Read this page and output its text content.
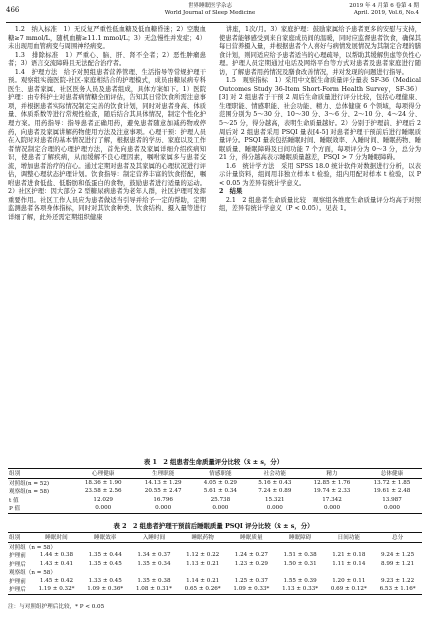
466	世界睡眠医学杂志
World Journal of Sleep Medicine
2019 年 4 月第 6 卷第 4 期
April. 2019, Vol.6, No.4

1.2　纳入标准　1）无反复严重性低血糖及低血糖昏迷；2）空腹血糖≥7 mmol/L，随机血糖≥11.1 mmol/L；3）无急慢性并发症；4）未出现用血管病变与周围神经病变。

1.3　排除标准　1）严重心、脑、肝、肾不全者；2）恶性肿瘤患者；3）语言交流障碍且无法配合治疗者。

1.4　护理方法　给予对照组患者营养管理、生活指导等常规护理干预。观察组实施医院-社区-家庭相结合的护理模式，成员由糖尿病专科医生、患者家属、社区医务人员及患者组成，具体方案如下。1）医院护理：由专科护士对患者病情糖全面评估，告知其日常饮食所需注意事项，并根据患者实际情况制定完善的饮食计划，同时对患者身高、体质量、体质系数等进行常规性检查，随后结合其具体情况，制定个性化护理方案。用药指导：指导患者正确用药，避免患者随意加减药物或停药，向患者及家属讲解药物使用方法及注意事项。心理干预：护理人员在入院时对患者的基本情况进行了解，根据患者的学历、家庭以及工作者情况制定合理的心理护理方法，首先向患者及家属详细介绍疾病知识，使患者了解疾病，从而缓解不良心理因素，嘱咐家属多与患者交流，增加患者治疗的信心。通过定期对患者及其家属的心理状况进行评估，调整心理状态护理计划。饮食指导：制定营养丰富的饮食搭配，嘱咐患者进食低盐、低脂肪和低蛋白的食物，鼓励患者进行适量的运动。2）社区护理：因大部分 2 型糖尿病患者为老年人群，社区护理可发挥重要作用。社区工作人员应为患者做适当引导并给予一定的帮助，定期监测患者各项身体指标，同时对其饮食种类、饮食结构、摄入量等进行详细了解，此外还需定期组织健康

讲座，1次/月。3）家庭护理：鼓励家属给予患者更多的安慰与支持，使患者能够感受到来自家庭成员间的温暖，同时应监督患者饮食，确保其每日营养摄入量，并根据患者个人喜好与病情发展情况为其制定合理的膳食计划，则同适应给予患者适当的心理疏导，以帮助其缓解焦虑等负性心理。护理人员定期通过电话及网络平台等方式对患者及患者家庭进行随访，了解患者用药情况及膳食改善情况，并对发现的问题进行指导。

1.5　观察指标　1）采用中文版生命质量评分量表 SF-36（Medical Outcomes Study 36-Item Short-Form Health Survey，SF-36）[3] 对 2 组患者于干预 2 周后生命质量进行评分比较，包括心理健康、生理职能、情感职能、社会功能、精力、总体健康 6 个领域，每项得分范围分别为 5～30 分、10～30 分、3～6 分、2～10 分、4～24 分、5～25 分，得分越高，表明生命质量越好。2）分别于护理前、护理后 2 周后对 2 组患者采用 PSQI 量表[4-5] 对患者护理干预前后进行睡眠质量评分。PSQI 量表包括睡眠时间、睡眠效率、入睡时间、睡眠药物、睡眠质量、睡眠障碍及日间功能 7 个方面，每项评分为 0～3 分，总分为 21 分，得分越高表示睡眠质量越差，PSQI > 7 分为睡眠障碍。

1.6　统计学方法　采用 SPSS 18.0 统计软件对数据进行分析，以表示计量资料，组间用非独立样本 t 检验，组内用配对样本 t 检验，以 P < 0.05 为差异有统计学意义。

2　结果

2.1　2 组患者生命质量比较　观察组各维度生命质量评分均高于对照组，差异有统计学意义（P < 0.05）。见表 1。

表 1　2 组患者生命质量评分比较（x̄ ± s，分）
组别	心理健康	生理职能	情感职能	社会功能	精力	总体健康
对照组(n = 52)	18.36 ± 1.90	14.13 ± 1.29	4.05 ± 0.29	5.16 ± 0.43	12.85 ± 1.76	13.72 ± 1.85
观察组(n = 58)	23.58 ± 2.56	20.55 ± 2.47	5.61 ± 0.34	7.24 ± 0.89	19.74 ± 2.33	19.61 ± 2.48
t 值	12.029	16.796	25.738	15.321	17.342	13.987
P 值	0.000	0.000	0.000	0.000	0.000	0.000
表 2　2 组患者护理干预前后睡眠质量 PSQI 评分比较（x̄ ± s，分）
组别	睡眠时间	睡眠效率	入睡时间	睡眠药物	睡眠质量	睡眠障碍	日间功能	总分
对照组（n = 58）								
护理前	1.44 ± 0.38	1.35 ± 0.44	1.34 ± 0.37	1.12 ± 0.22	1.24 ± 0.27	1.51 ± 0.38	1.21 ± 0.18	9.24 ± 1.25
护理后	1.43 ± 0.41	1.35 ± 0.45	1.35 ± 0.34	1.13 ± 0.21	1.23 ± 0.29	1.50 ± 0.31	1.11 ± 0.14	8.99 ± 1.21
观察组（n = 58）								
护理前	1.45 ± 0.42	1.33 ± 0.45	1.35 ± 0.38	1.14 ± 0.21	1.25 ± 0.37	1.55 ± 0.39	1.20 ± 0.11	9.23 ± 1.22
护理后	1.19 ± 0.32*	1.09 ± 0.36*	1.08 ± 0.31*	0.65 ± 0.26*	1.09 ± 0.33*	1.13 ± 0.33*	0.69 ± 0.12*	6.53 ± 1.16*
注：与对照组护理后比较，* P < 0.05
